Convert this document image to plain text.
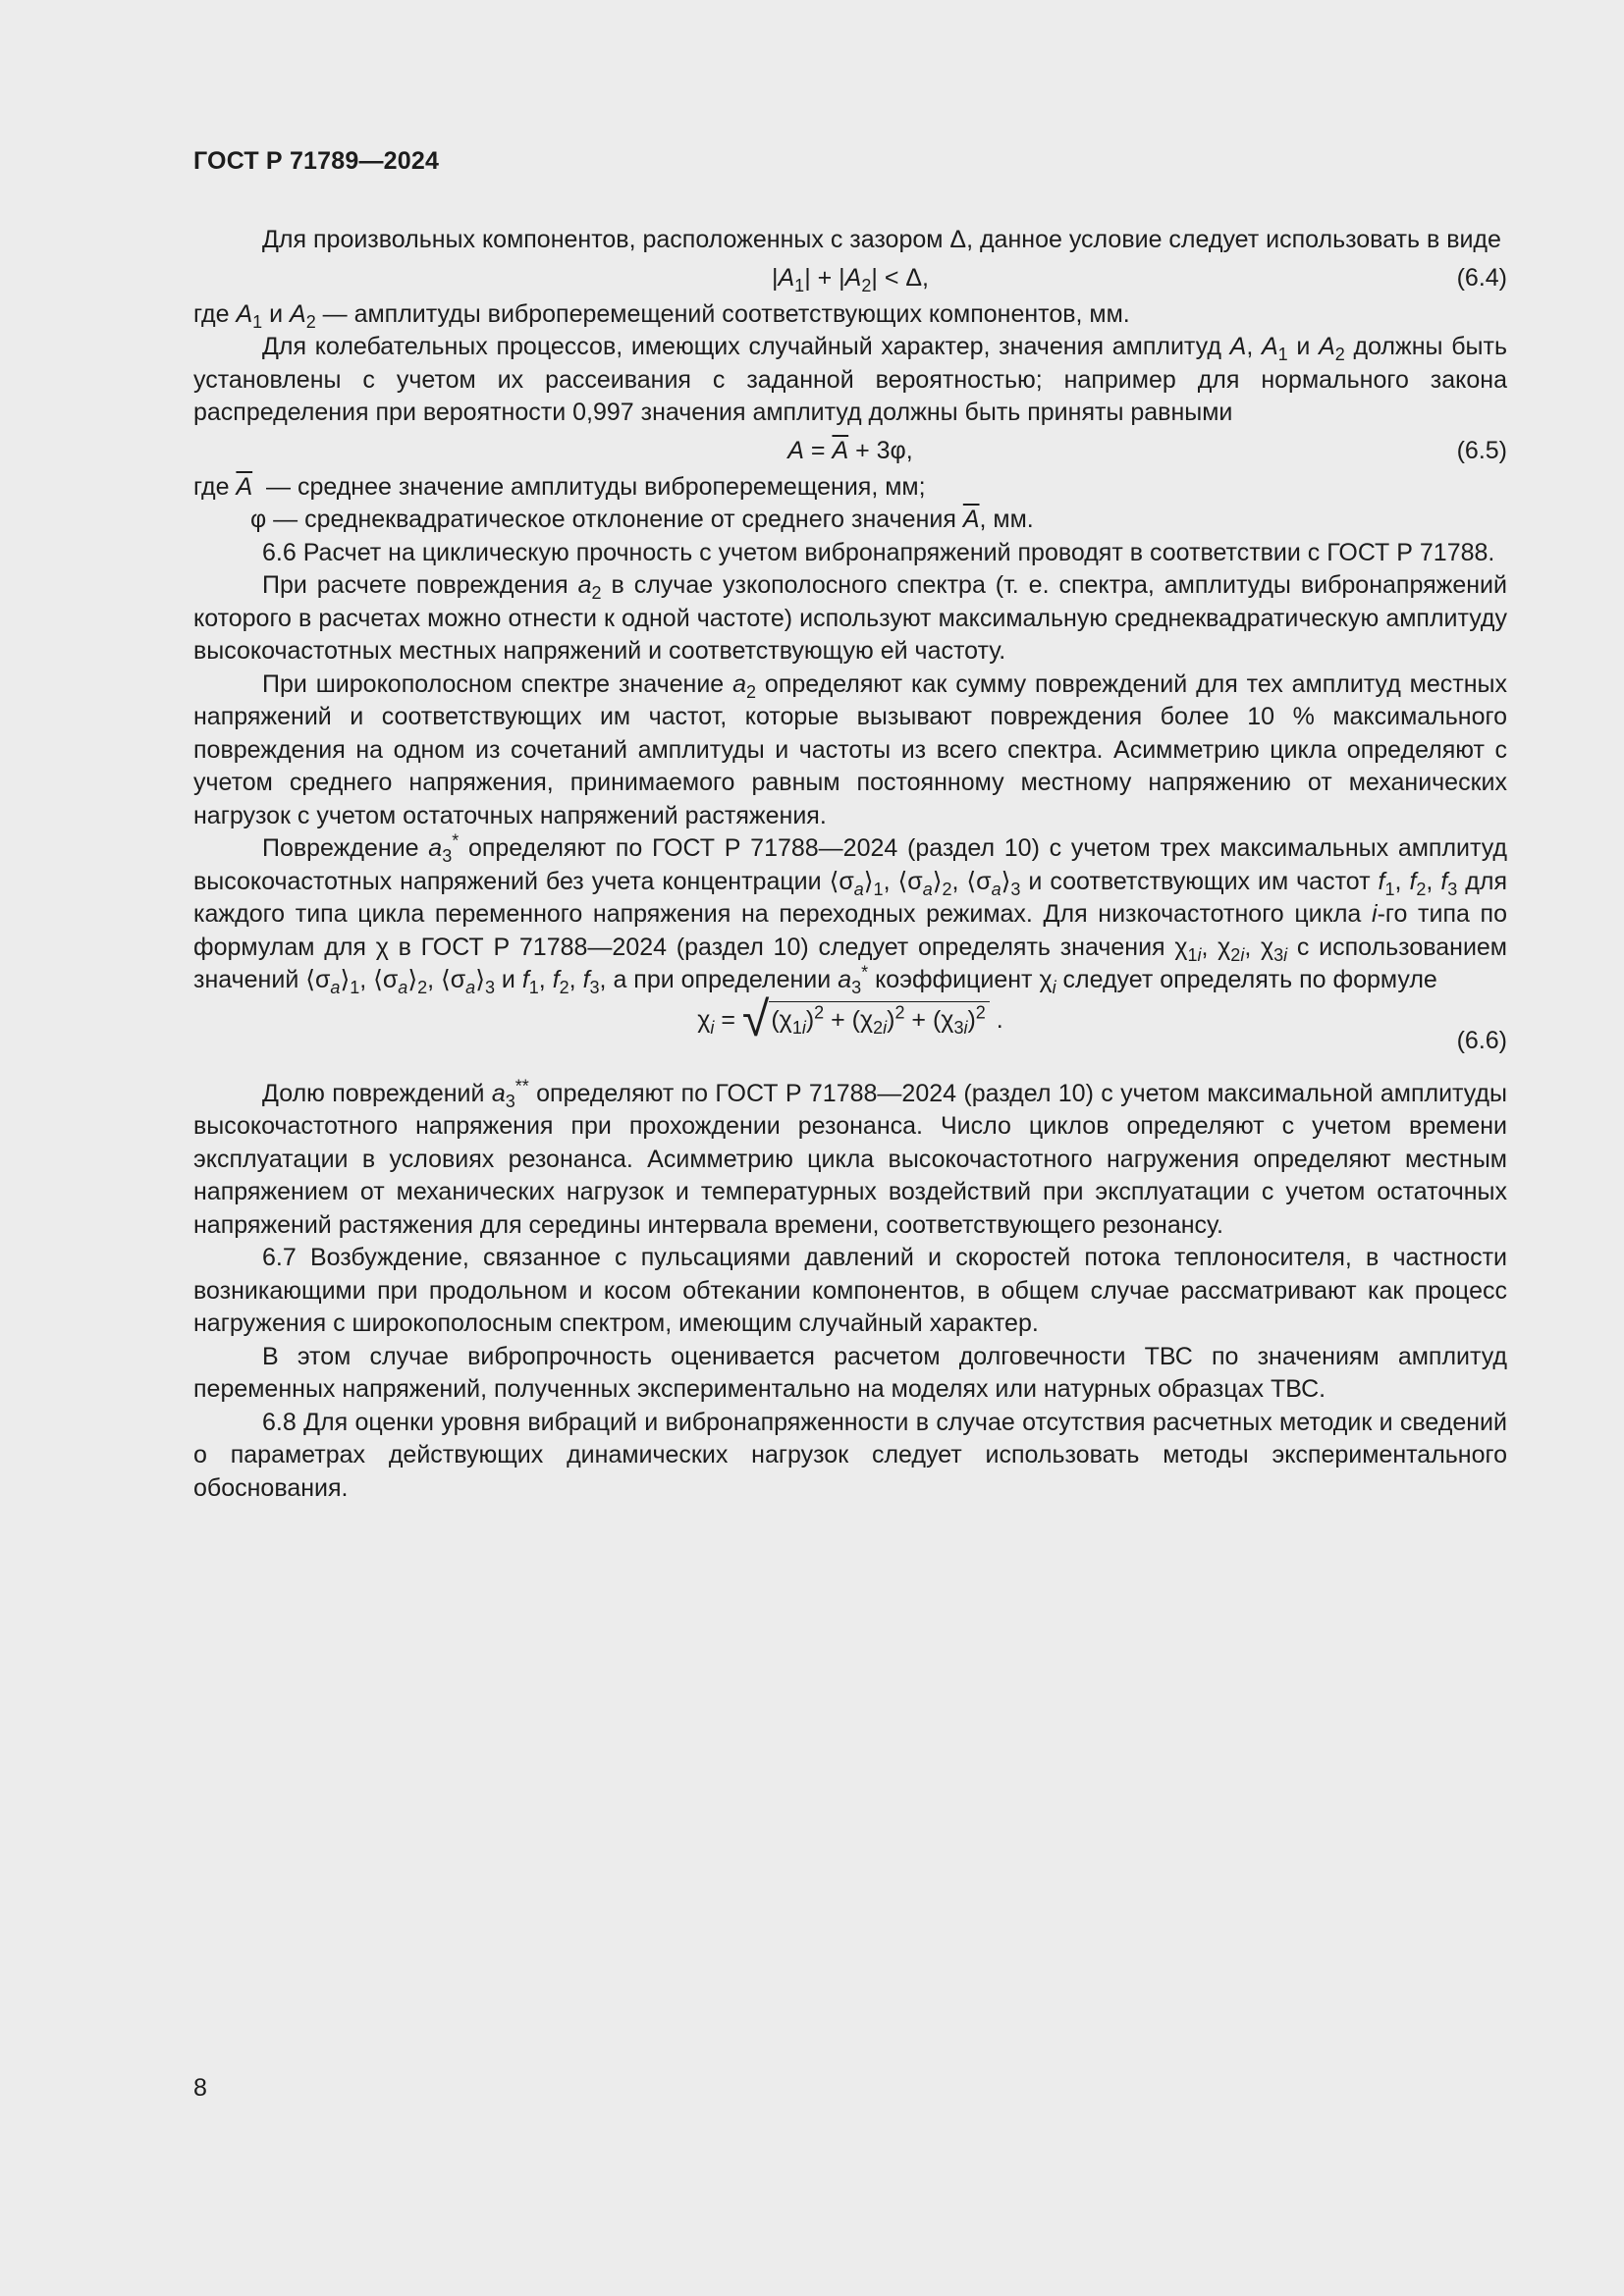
ГОСТ Р 71789—2024

Для произвольных компонентов, расположенных с зазором Δ, данное условие следует использовать в виде

$|A_1| + |A_2| < \Delta$,	(6.4)

где $A_1$ и $A_2$ — амплитуды виброперемещений соответствующих компонентов, мм.

Для колебательных процессов, имеющих случайный характер, значения амплитуд A, $A_1$ и $A_2$ должны быть установлены с учетом их рассеивания с заданной вероятностью; например для нормального закона распределения при вероятности 0,997 значения амплитуд должны быть приняты равными

$A = \overline{A} + 3\varphi$,	(6.5)

где $\overline{A}$  — среднее значение амплитуды виброперемещения, мм;

φ — среднеквадратическое отклонение от среднего значения $\overline{A}$, мм.

6.6 Расчет на циклическую прочность с учетом вибронапряжений проводят в соответствии с ГОСТ Р 71788.

При расчете повреждения $a_2$ в случае узкополосного спектра (т. е. спектра, амплитуды вибронапряжений которого в расчетах можно отнести к одной частоте) используют максимальную среднеквадратическую амплитуду высокочастотных местных напряжений и соответствующую ей частоту.

При широкополосном спектре значение $a_2$ определяют как сумму повреждений для тех амплитуд местных напряжений и соответствующих им частот, которые вызывают повреждения более 10 % максимального повреждения на одном из сочетаний амплитуды и частоты из всего спектра. Асимметрию цикла определяют с учетом среднего напряжения, принимаемого равным постоянному местному напряжению от механических нагрузок с учетом остаточных напряжений растяжения.

Повреждение $a_3^*$ определяют по ГОСТ Р 71788—2024 (раздел 10) с учетом трех максимальных амплитуд высокочастотных напряжений без учета концентрации $⟨\sigma_a⟩_1$, $⟨\sigma_a⟩_2$, $⟨\sigma_a⟩_3$ и соответствующих им частот $f_1$, $f_2$, $f_3$ для каждого типа цикла переменного напряжения на переходных режимах. Для низкочастотного цикла i-го типа по формулам для χ в ГОСТ Р 71788—2024 (раздел 10) следует определять значения $\chi_{1i}$, $\chi_{2i}$, $\chi_{3i}$ с использованием значений $⟨\sigma_a⟩_1$, $⟨\sigma_a⟩_2$, $⟨\sigma_a⟩_3$ и $f_1$, $f_2$, $f_3$, а при определении $a_3^*$ коэффициент $\chi_i$ следует определять по формуле

$\chi_i = √(\chi_{1i})^2 + (\chi_{2i})^2 + (\chi_{3i})^2$ .
(6.6)

Долю повреждений $a_3^{**}$ определяют по ГОСТ Р 71788—2024 (раздел 10) с учетом максимальной амплитуды высокочастотного напряжения при прохождении резонанса. Число циклов определяют с учетом времени эксплуатации в условиях резонанса. Асимметрию цикла высокочастотного нагружения определяют местным напряжением от механических нагрузок и температурных воздействий при эксплуатации с учетом остаточных напряжений растяжения для середины интервала времени, соответствующего резонансу.

6.7 Возбуждение, связанное с пульсациями давлений и скоростей потока теплоносителя, в частности возникающими при продольном и косом обтекании компонентов, в общем случае рассматривают как процесс нагружения с широкополосным спектром, имеющим случайный характер.

В этом случае вибропрочность оценивается расчетом долговечности ТВС по значениям амплитуд переменных напряжений, полученных экспериментально на моделях или натурных образцах ТВС.

6.8 Для оценки уровня вибраций и вибронапряженности в случае отсутствия расчетных методик и сведений о параметрах действующих динамических нагрузок следует использовать методы экспериментального обоснования.

8
